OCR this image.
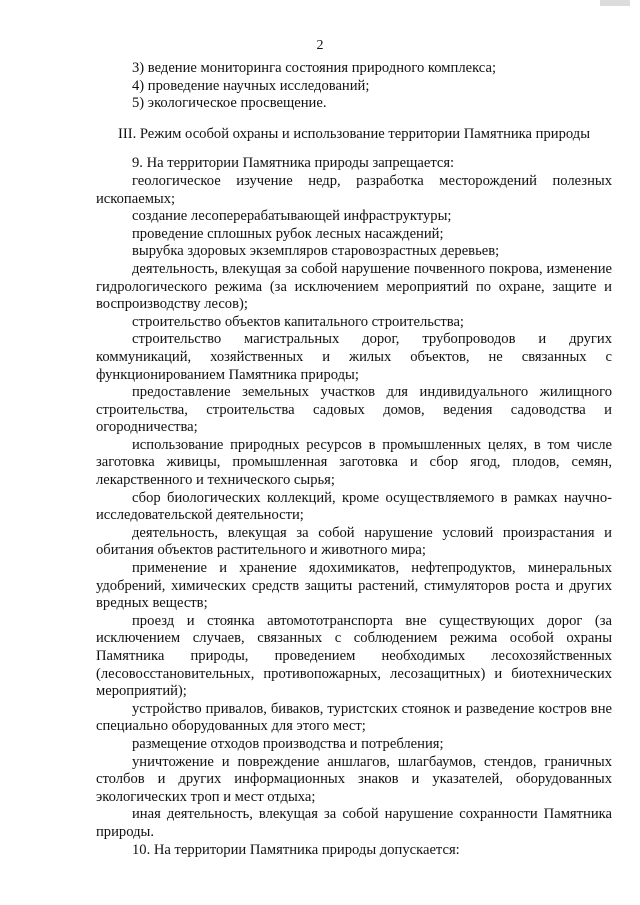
2

3) ведение мониторинга состояния природного комплекса;

4) проведение научных исследований;

5) экологическое просвещение.

III. Режим особой охраны и использование территории Памятника природы

9. На территории Памятника природы запрещается:

геологическое изучение недр, разработка месторождений полезных ископаемых;

создание лесоперерабатывающей инфраструктуры;

проведение сплошных рубок лесных насаждений;

вырубка здоровых экземпляров старовозрастных деревьев;

деятельность, влекущая за собой нарушение почвенного покрова, изменение гидрологического режима (за исключением мероприятий по охране, защите и воспроизводству лесов);

строительство объектов капитального строительства;

строительство магистральных дорог, трубопроводов и других коммуникаций, хозяйственных и жилых объектов, не связанных с функционированием Памятника природы;

предоставление земельных участков для индивидуального жилищного строительства, строительства садовых домов, ведения садоводства и огородничества;

использование природных ресурсов в промышленных целях, в том числе заготовка живицы, промышленная заготовка и сбор ягод, плодов, семян, лекарственного и технического сырья;

сбор биологических коллекций, кроме осуществляемого в рамках научно-исследовательской деятельности;

деятельность, влекущая за собой нарушение условий произрастания и обитания объектов растительного и животного мира;

применение и хранение ядохимикатов, нефтепродуктов, минеральных удобрений, химических средств защиты растений, стимуляторов роста и других вредных веществ;

проезд и стоянка автомототранспорта вне существующих дорог (за исключением случаев, связанных с соблюдением режима особой охраны Памятника природы, проведением необходимых лесохозяйственных (лесовосстановительных, противопожарных, лесозащитных) и биотехнических мероприятий);

устройство привалов, биваков, туристских стоянок и разведение костров вне специально оборудованных для этого мест;

размещение отходов производства и потребления;

уничтожение и повреждение аншлагов, шлагбаумов, стендов, граничных столбов и других информационных знаков и указателей, оборудованных экологических троп и мест отдыха;

иная деятельность, влекущая за собой нарушение сохранности Памятника природы.

10. На территории Памятника природы допускается:
